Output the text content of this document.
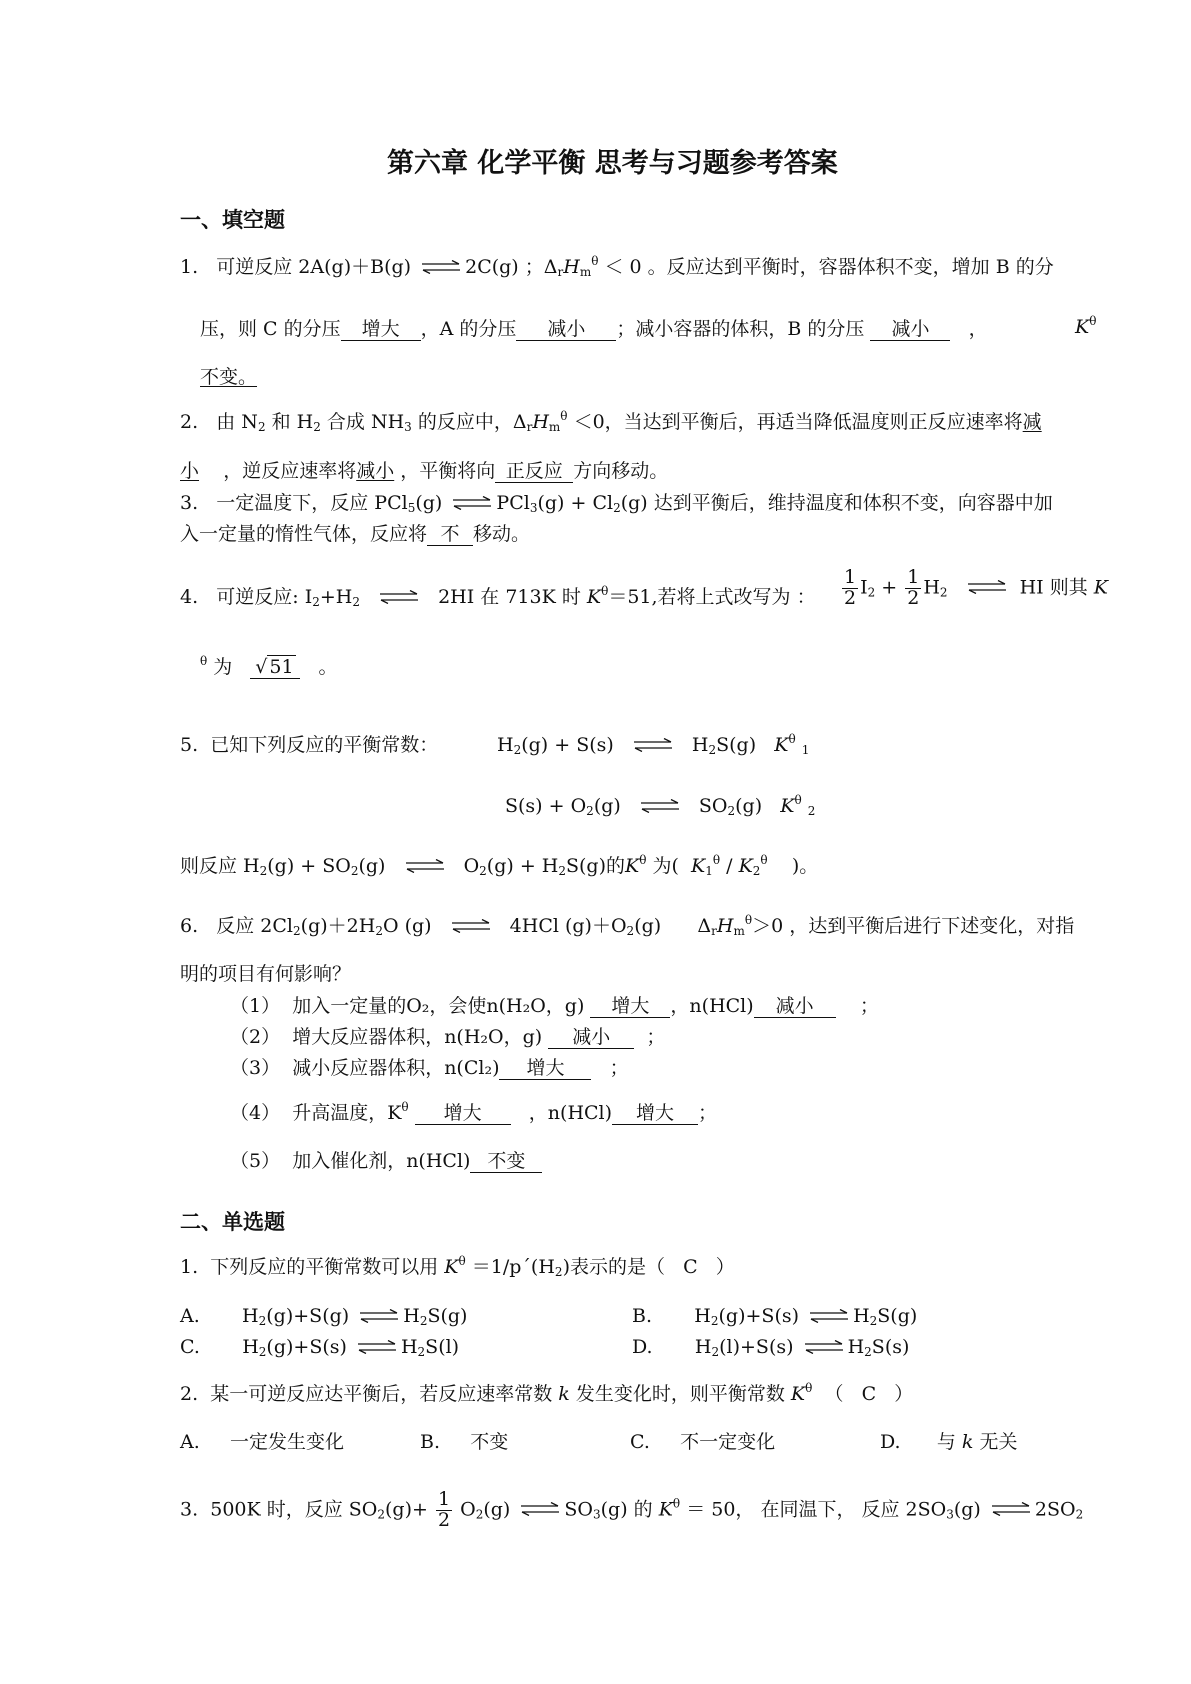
第六章 化学平衡 思考与习题参考答案
一、填空题
1. 可逆反应 2A(g)＋B(g)	2C(g) ；$\Delta_rH_m^\theta < 0$ 。反应达到平衡时，容器体积不变，增加 B 的分
压，则 C 的分压 增大 ，A 的分压 减小 ；减小容器的体积，B 的分压 减小 ，	$K^\theta$
不变。
2. 由 $N_2$ 和 $H_2$ 合成 $NH_3$ 的反应中，$\Delta_rH_m^\theta <0$，当达到平衡后，再适当降低温度则正反应速率将减
小 ，逆反应速率将减小 ，平衡将向 正反应 方向移动。
3. 一定温度下，反应 PCl$_5$(g)	$PCl_3(g) + Cl_2(g)$ 达到平衡后，维持温度和体积不变，向容器中加
入一定量的惰性气体，反应将 不 移动。
4. 可逆反应: $I_2+H_2$	2HI 在 713K 时 $K^\theta=51$,若将上式改写为 ： $\frac{1}{2} I_2 + \frac{1}{2} H_2$	HI 则其 K
$^\theta$ 为 √ 51 。
5. 已知下列反应的平衡常数：	$H_2(g) + S(s)$	$H_2S(g)$ $K^\theta$ $_1$
$S(s) + O_2(g)$	$SO_2(g)$ $K^\theta$ $_2$
则反应 $H_2(g) + SO_2(g)$	$O_2(g) + H_2S(g)$的$K^\theta$ 为( $K_1^\theta / K_2^\theta$ )。
6. 反应 $2Cl_2(g)+2H_2O$ (g)	4HCl $(g)+O_2(g)$      $\Delta_rH_m^\theta>0$ ，达到平衡后进行下述变化，对指
明的项目有何影响？
（1） 加入一定量的O₂，会使n(H₂O，g) 增大 ，n(HCl) 减小 ；
（2） 增大反应器体积，n(H₂O，g) 减小 ；
（3） 减小反应器体积，n(Cl₂) 增大 ；
（4） 升高温度，$K^\theta$ 增大 ，n(HCl) 增大 ；
（5） 加入催化剂，n(HCl) 不变
二、单选题
1. 下列反应的平衡常数可以用 $K^\theta$ $=1/p´(H_2)$表示的是（ C ）
A. $H_2(g)+S(g)$	$H_2S(g)$	B. $H_2(g)+S(s)$	$H_2S(g)$
C. $H_2(g)+S(s)$	$H_2S(l)$	D. $H_2(l)+S(s)$	$H_2S(s)$
2. 某一可逆反应达平衡后，若反应速率常数 k 发生变化时，则平衡常数 $K^\theta$ （ C ）
A. 一定发生变化	B. 不变	C. 不一定变化	D. 与 k 无关
3. 500K 时，反应 $SO_2(g)+ \frac{1}{2} O_2(g)$	$SO_3(g)$ 的 $K^\theta = 50$， 在同温下， 反应 $2SO_3(g)$	$2SO_2$
